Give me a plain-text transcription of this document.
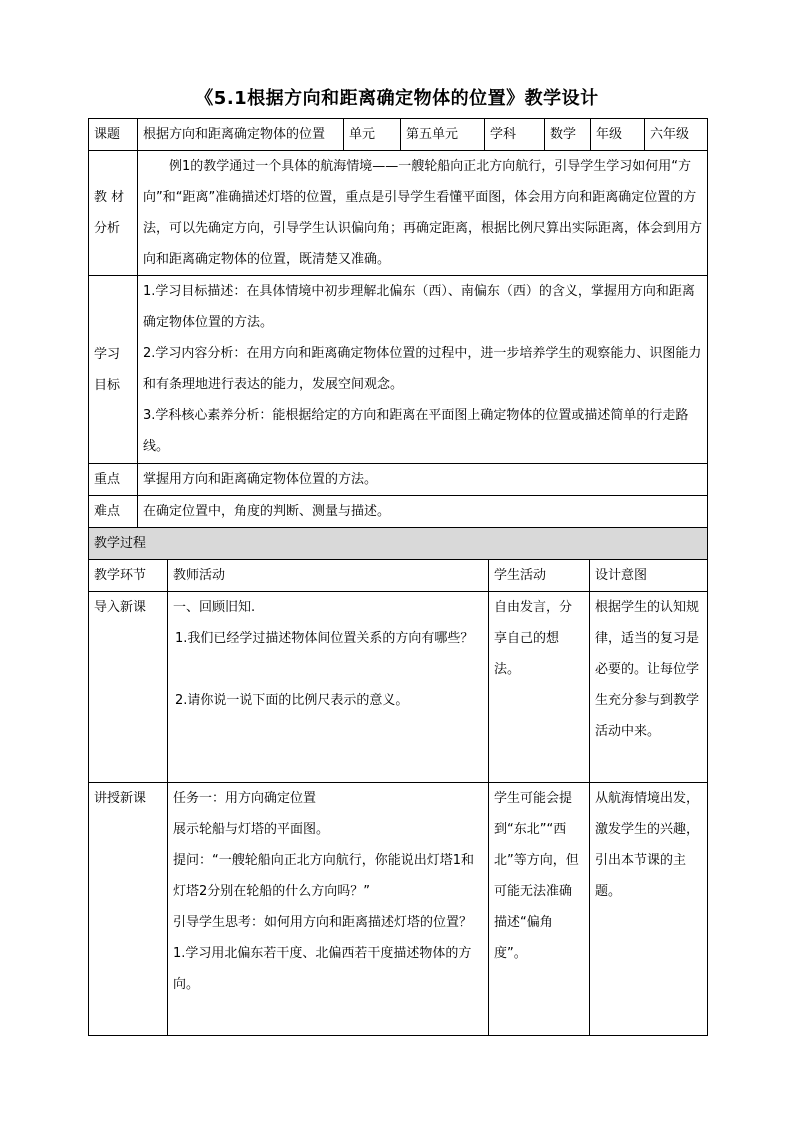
《5.1根据方向和距离确定物体的位置》教学设计
课题	根据方向和距离确定物体的位置	单元	第五单元	学科	数学	年级	六年级

教 材
分析	例1的教学通过一个具体的航海情境——一艘轮船向正北方向航行，引导学生学习如何用“方向”和“距离”准确描述灯塔的位置，重点是引导学生看懂平面图，体会用方向和距离确定位置的方法，可以先确定方向，引导学生认识偏向角；再确定距离，根据比例尺算出实际距离，体会到用方向和距离确定物体的位置，既清楚又准确。						

学习
目标	1.学习目标描述：在具体情境中初步理解北偏东（西）、南偏东（西）的含义，掌握用方向和距离确定物体位置的方法。
2.学习内容分析：在用方向和距离确定物体位置的过程中，进一步培养学生的观察能力、识图能力和有条理地进行表达的能力，发展空间观念。
3.学科核心素养分析：能根据给定的方向和距离在平面图上确定物体的位置或描述简单的行走路线。						

重点	掌握用方向和距离确定物体位置的方法。						
难点	在确定位置中，角度的判断、测量与描述。						
教学过程			
教学环节	教师活动	学生活动	设计意图
导入新课	一、回顾旧知.
1.我们已经学过描述物体间位置关系的方向有哪些？
2.请你说一说下面的比例尺表示的意义。	自由发言，分享自己的想法。	根据学生的认知规律，适当的复习是必要的。让每位学生充分参与到教学活动中来。
讲授新课	任务一：用方向确定位置
展示轮船与灯塔的平面图。
提问：“一艘轮船向正北方向航行，你能说出灯塔1和灯塔2分别在轮船的什么方向吗？”
引导学生思考：如何用方向和距离描述灯塔的位置？
1.学习用北偏东若干度、北偏西若干度描述物体的方向。	学生可能会提到“东北”“西北”等方向，但可能无法准确描述“偏角度”。	从航海情境出发，激发学生的兴趣，引出本节课的主题。
